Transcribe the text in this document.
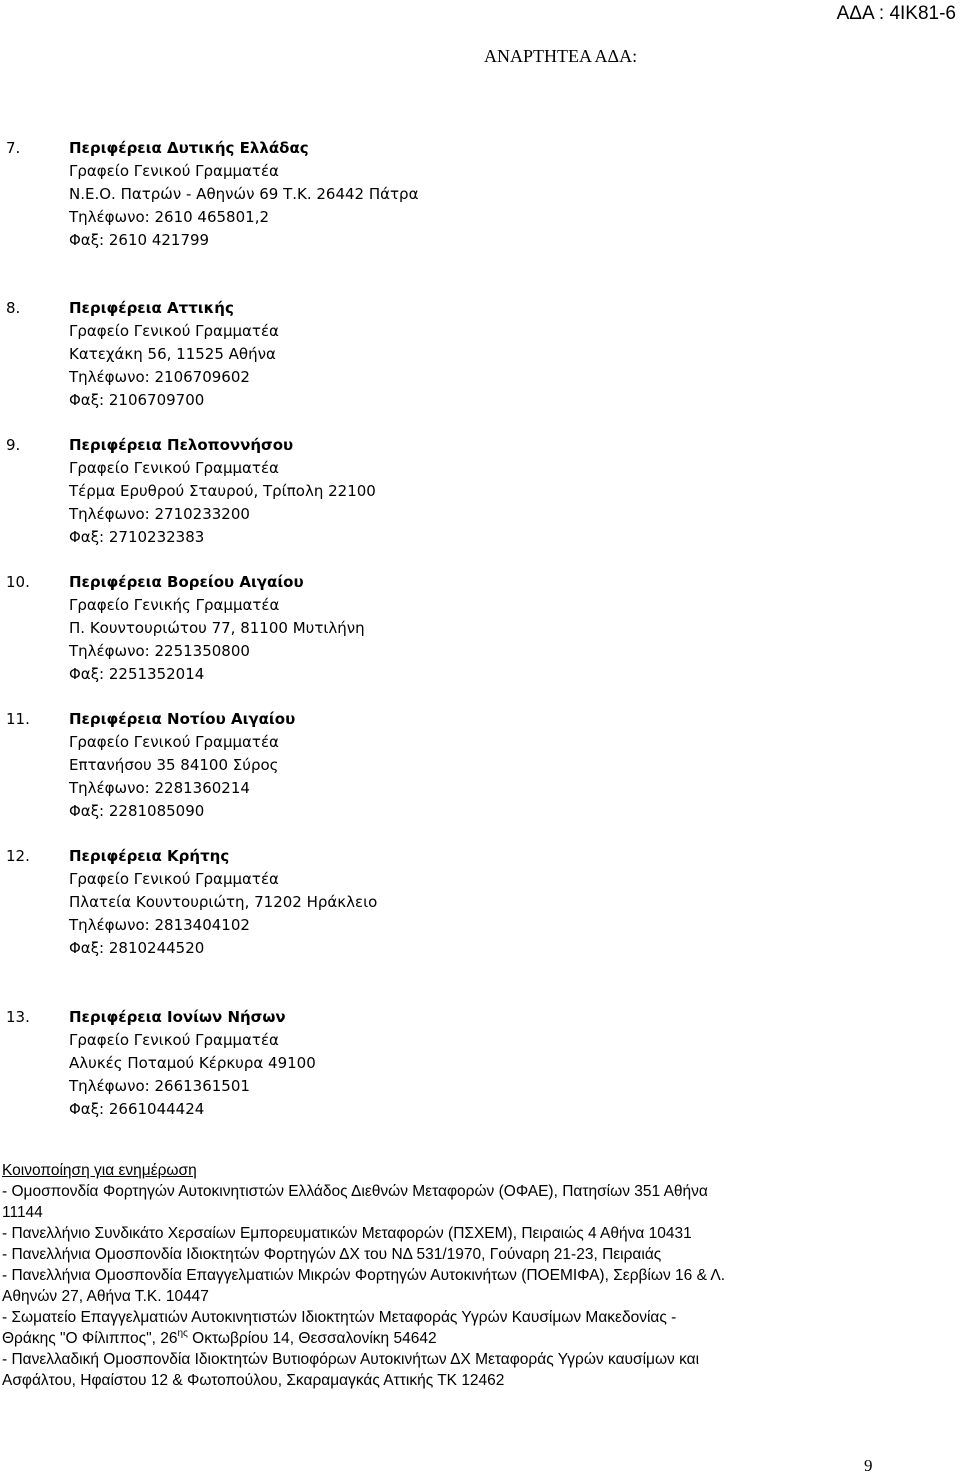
ΑΔΑ : 4ΙΚ81-6
ΑΝΑΡΤΗΤΕΑ ΑΔΑ:
7.	Περιφέρεια Δυτικής Ελλάδας
Γραφείο Γενικού Γραμματέα
Ν.Ε.Ο. Πατρών - Αθηνών 69 Τ.Κ. 26442 Πάτρα
Τηλέφωνο: 2610 465801,2
Φαξ: 2610 421799
8.	Περιφέρεια Αττικής
Γραφείο Γενικού Γραμματέα
Κατεχάκη 56, 11525 Αθήνα
Τηλέφωνο: 2106709602
Φαξ: 2106709700
9.	Περιφέρεια Πελοποννήσου
Γραφείο Γενικού Γραμματέα
Τέρμα Ερυθρού Σταυρού, Τρίπολη 22100
Τηλέφωνο: 2710233200
Φαξ: 2710232383
10.	Περιφέρεια Βορείου Αιγαίου
Γραφείο Γενικής Γραμματέα
Π. Κουντουριώτου 77, 81100 Μυτιλήνη
Τηλέφωνο: 2251350800
Φαξ: 2251352014
11.	Περιφέρεια Νοτίου Αιγαίου
Γραφείο Γενικού Γραμματέα
Επτανήσου 35 84100 Σύρος
Τηλέφωνο: 2281360214
Φαξ: 2281085090
12.	Περιφέρεια Κρήτης
Γραφείο Γενικού Γραμματέα
Πλατεία Κουντουριώτη, 71202 Ηράκλειο
Τηλέφωνο: 2813404102
Φαξ: 2810244520
13.	Περιφέρεια Ιονίων Νήσων
Γραφείο Γενικού Γραμματέα
Αλυκές Ποταμού Κέρκυρα 49100
Τηλέφωνο: 2661361501
Φαξ: 2661044424
Κοινοποίηση για ενημέρωση
- Ομοσπονδία Φορτηγών Αυτοκινητιστών Ελλάδος Διεθνών Μεταφορών (ΟΦΑΕ), Πατησίων 351 Αθήνα
11144
- Πανελλήνιο Συνδικάτο Χερσαίων Εμπορευματικών Μεταφορών (ΠΣΧΕΜ), Πειραιώς 4 Αθήνα 10431
- Πανελλήνια Ομοσπονδία Ιδιοκτητών Φορτηγών ΔΧ του ΝΔ 531/1970, Γούναρη 21-23, Πειραιάς
- Πανελλήνια Ομοσπονδία Επαγγελματιών Μικρών Φορτηγών Αυτοκινήτων (ΠΟΕΜΙΦΑ), Σερβίων 16 & Λ.
Αθηνών 27, Αθήνα Τ.Κ. 10447
- Σωματείο Επαγγελματιών Αυτοκινητιστών Ιδιοκτητών Μεταφοράς Υγρών Καυσίμων Μακεδονίας -
Θράκης "Ο Φίλιππος", $26^{\eta\varsigma}$ Οκτωβρίου 14, Θεσσαλονίκη 54642
- Πανελλαδική Ομοσπονδία Ιδιοκτητών Βυτιοφόρων Αυτοκινήτων ΔΧ Μεταφοράς Υγρών καυσίμων και
Ασφάλτου, Ηφαίστου 12 & Φωτοπούλου, Σκαραμαγκάς Αττικής ΤΚ 12462
9
